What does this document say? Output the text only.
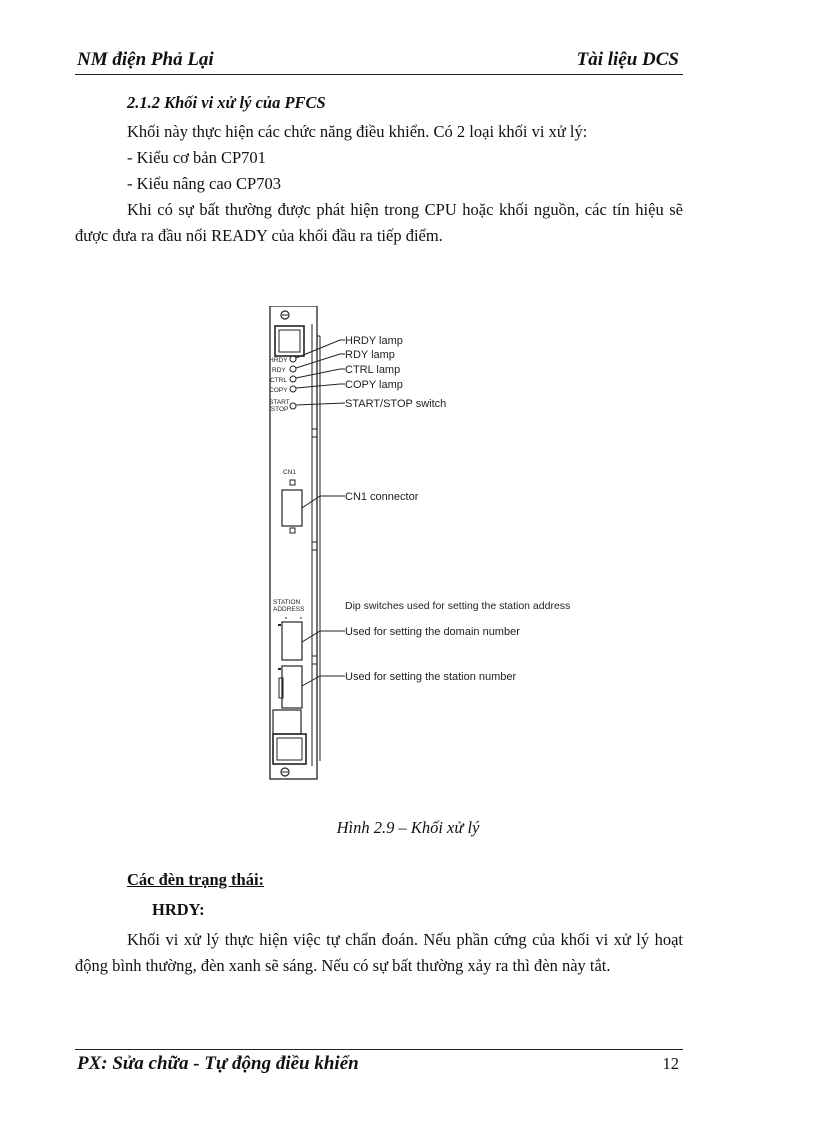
NM điện Phả Lại	Tài liệu DCS
2.1.2 Khối vi xử lý của PFCS

Khối này thực hiện các chức năng điều khiển. Có 2 loại khối vi xử lý:

- Kiểu cơ bản CP701

- Kiểu nâng cao CP703

Khi có sự bất thường được phát hiện trong CPU hoặc khối nguồn, các tín hiệu sẽ được đưa ra đầu nối READY của khối đầu ra tiếp điểm.

HRDY
RDY
CTRL
COPY
START
/STOP
CN1
STATION
ADDRESS
HRDY lamp
RDY lamp
CTRL lamp
COPY lamp
START/STOP switch
CN1 connector
Dip switches used for setting the station address
Used for setting the domain number
Used for setting the station number
Hình 2.9 – Khối xử lý
Các đèn trạng thái:
HRDY:

Khối vi xử lý thực hiện việc tự chẩn đoán. Nếu phần cứng của khối vi xử lý hoạt động bình thường, đèn xanh sẽ sáng. Nếu có sự bất thường xảy ra thì đèn này tắt.

PX: Sửa chữa - Tự động điều khiển	12
